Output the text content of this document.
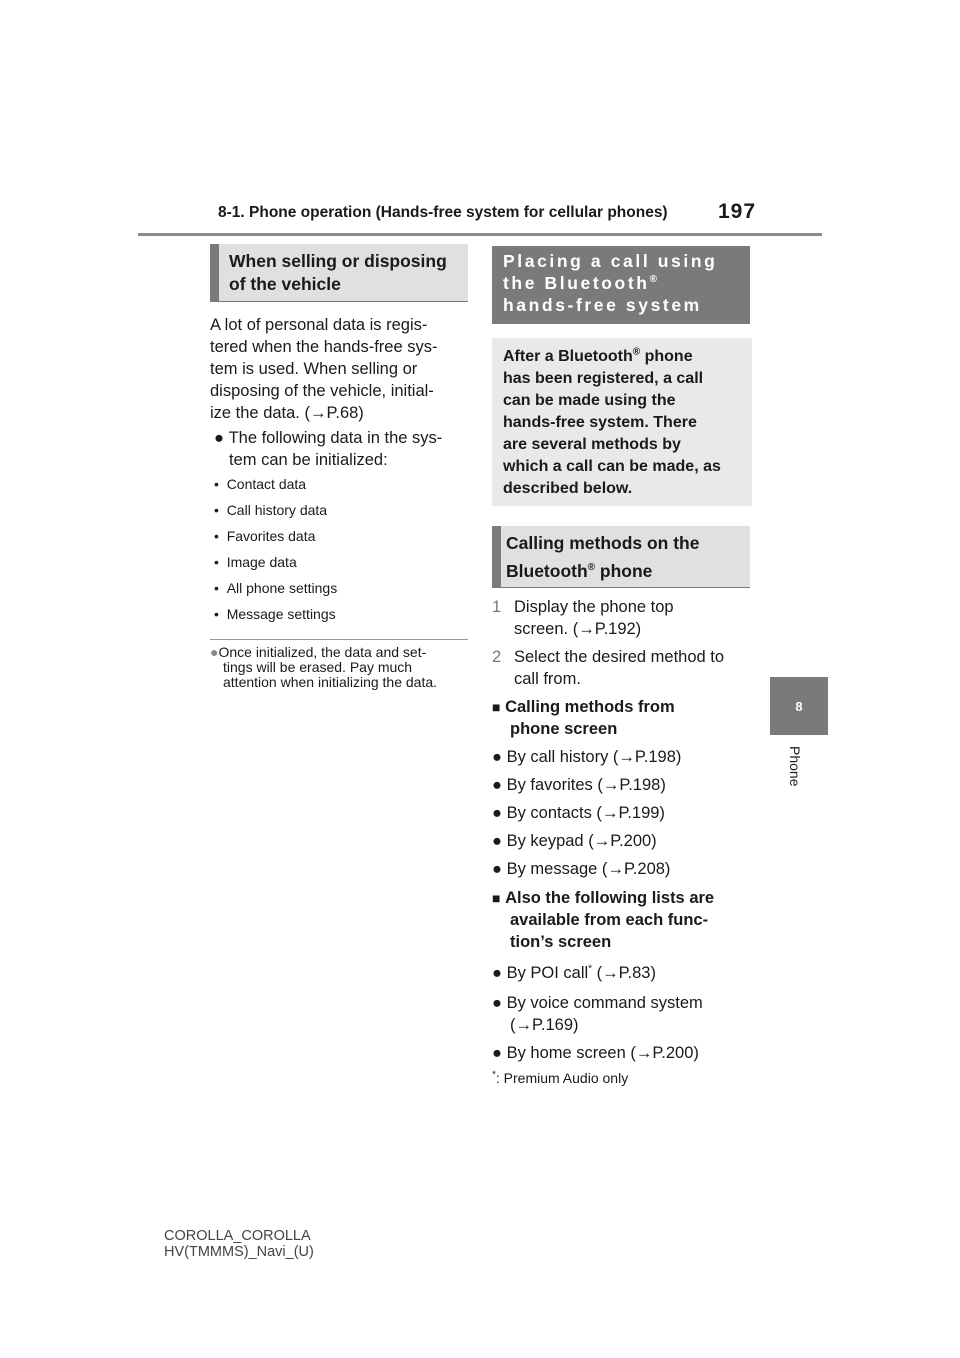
8-1. Phone operation (Hands-free system for cellular phones) 197
8
Phone
When selling or disposing
of the vehicle
A lot of personal data is regis-
tered when the hands-free sys-
tem is used. When selling or
disposing of the vehicle, initial-
ize the data. (→P.68)
● The following data in the sys-
tem can be initialized:
•  Contact data
•  Call history data
•  Favorites data
•  Image data
•  All phone settings
•  Message settings
●Once initialized, the data and set-
tings will be erased. Pay much
attention when initializing the data.
Placing a call using
the Bluetooth®
hands-free system
After a Bluetooth® phone
has been registered, a call
can be made using the
hands-free system. There
are several methods by
which a call can be made, as
described below.
Calling methods on the
Bluetooth® phone
1 Display the phone top
screen. (→P.192)
2 Select the desired method to
call from.
■ Calling methods from
phone screen
● By call history (→P.198)
● By favorites (→P.198)
● By contacts (→P.199)
● By keypad (→P.200)
● By message (→P.208)
■ Also the following lists are
available from each func-
tion’s screen
● By POI call* (→P.83)
● By voice command system
(→P.169)
● By home screen (→P.200)
*: Premium Audio only
COROLLA_COROLLA
HV(TMMMS)_Navi_(U)
